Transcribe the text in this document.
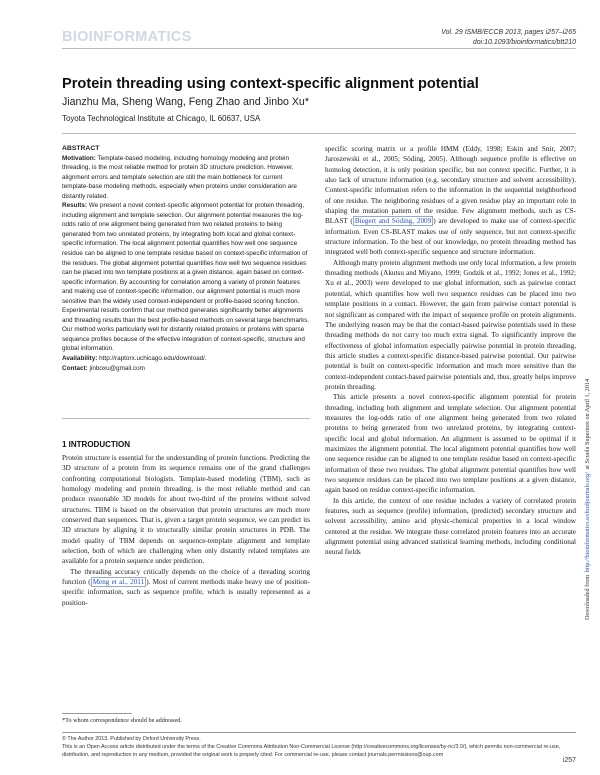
BIOINFORMATICS	Vol. 29 ISMB/ECCB 2013, pages i257–i265
doi:10.1093/bioinformatics/btt210
Protein threading using context-specific alignment potential
Jianzhu Ma, Sheng Wang, Feng Zhao and Jinbo Xu*
Toyota Technological Institute at Chicago, IL 60637, USA

ABSTRACT

Motivation: Template-based modeling, including homology modeling and protein threading, is the most reliable method for protein 3D structure prediction. However, alignment errors and template selection are still the main bottleneck for current template-base modeling methods, especially when proteins under consideration are distantly related.

Results: We present a novel context-specific alignment potential for protein threading, including alignment and template selection. Our alignment potential measures the log-odds ratio of one alignment being generated from two related proteins to being generated from two unrelated proteins, by integrating both local and global context-specific information. The local alignment potential quantifies how well one sequence residue can be aligned to one template residue based on context-specific information of the residues. The global alignment potential quantifies how well two sequence residues can be placed into two template positions at a given distance, again based on context-specific information. By accounting for correlation among a variety of protein features and making use of context-specific information, our alignment potential is much more sensitive than the widely used context-independent or profile-based scoring function. Experimental results confirm that our method generates significantly better alignments and threading results than the best profile-based methods on several large benchmarks. Our method works particularly well for distantly related proteins or proteins with sparse sequence profiles because of the effective integration of context-specific, structure and global information.

Availability: http://raptorx.uchicago.edu/download/.

Contact: jinboxu@gmail.com

1 INTRODUCTION

Protein structure is essential for the understanding of protein functions. Predicting the 3D structure of a protein from its sequence remains one of the grand challenges confronting computational biologists. Template-based modeling (TBM), such as homology modeling and protein threading, is the most reliable method and can produce reasonable 3D models for about two-third of the proteins without solved structures. TBM is based on the observation that protein structures are much more conserved than sequences. That is, given a target protein sequence, we can predict its 3D structure by aligning it to structurally similar protein structures in PDB. The model quality of TBM depends on sequence-template alignment and template selection, both of which are challenging when only distantly related templates are available for a protein sequence under prediction.

The threading accuracy critically depends on the choice of a threading scoring function ( Meng et al., 2011 ). Most of current methods make heavy use of position-specific information, such as sequence profile, which is usually represented as a position-

specific scoring matrix or a profile HMM (Eddy, 1998; Eskin and Snir, 2007; Jaroszewski et al., 2005; Söding, 2005). Although sequence profile is effective on homolog detection, it is only position specific, but not context specific. Further, it is also lack of structure information (e.g. secondary structure and solvent accessibility). Context-specific information refers to the information in the sequential neighborhood of one residue. The neighboring residues of a given residue play an important role in shaping the mutation pattern of the residue. Few alignment methods, such as CS-BLAST ( Biegert and Söding, 2009 ) are developed to make use of context-specific information. Even CS-BLAST makes use of only sequence, but not context-specific structure information. To the best of our knowledge, no protein threading method has integrated well both context-specific sequence and structure information.

Although many protein alignment methods use only local information, a few protein threading methods (Akutsu and Miyano, 1999; Godzik et al., 1992; Jones et al., 1992; Xu et al., 2003) were developed to use global information, such as pairwise contact potential, which quantifies how well two sequence residues can be placed into two template positions in a contact. However, the gain from pairwise contact potential is not significant as compared with the impact of sequence profile on protein alignments. The underlying reason may be that the contact-based pairwise potentials used in these threading methods do not carry too much extra signal. To significantly improve the effectiveness of global information especially pairwise potential in protein threading, this article studies a context-specific distance-based pairwise potential. Our pairwise potential is built on context-specific information and much more sensitive than the context-independent contact-based pairwise potentials and, thus, greatly helps improve protein threading.

This article presents a novel context-specific alignment potential for protein threading, including both alignment and template selection. Our alignment potential measures the log-odds ratio of one alignment being generated from two related proteins to being generated from two unrelated proteins, by integrating context-specific local and global information. An alignment is assumed to be optimal if it maximizes the alignment potential. The local alignment potential quantifies how well one sequence residue can be aligned to one template residue based on context-specific information of these two residues. The global alignment potential quantifies how well two sequence residues can be placed into two template positions at a given distance, again based on residue context-specific information.

In this article, the context of one residue includes a variety of correlated protein features, such as sequence (profile) information, (predicted) secondary structure and solvent accessibility, amino acid physic-chemical properties in a local window centered at the residue. We integrate these correlated protein features into an accurate alignment potential using advanced statistical learning methods, including conditional neural fields

*To whom correspondence should be addressed.

© The Author 2013. Published by Oxford University Press.

This is an Open Access article distributed under the terms of the Creative Commons Attribution Non-Commercial License (http://creativecommons.org/licenses/by-nc/3.0/), which permits non-commercial re-use, distribution, and reproduction in any medium, provided the original work is properly cited. For commercial re-use, please contact journals.permissions@oup.com

i257
Downloaded from http://bioinformatics.oxfordjournals.org/ at Scuola Superiore on April 1, 2014
